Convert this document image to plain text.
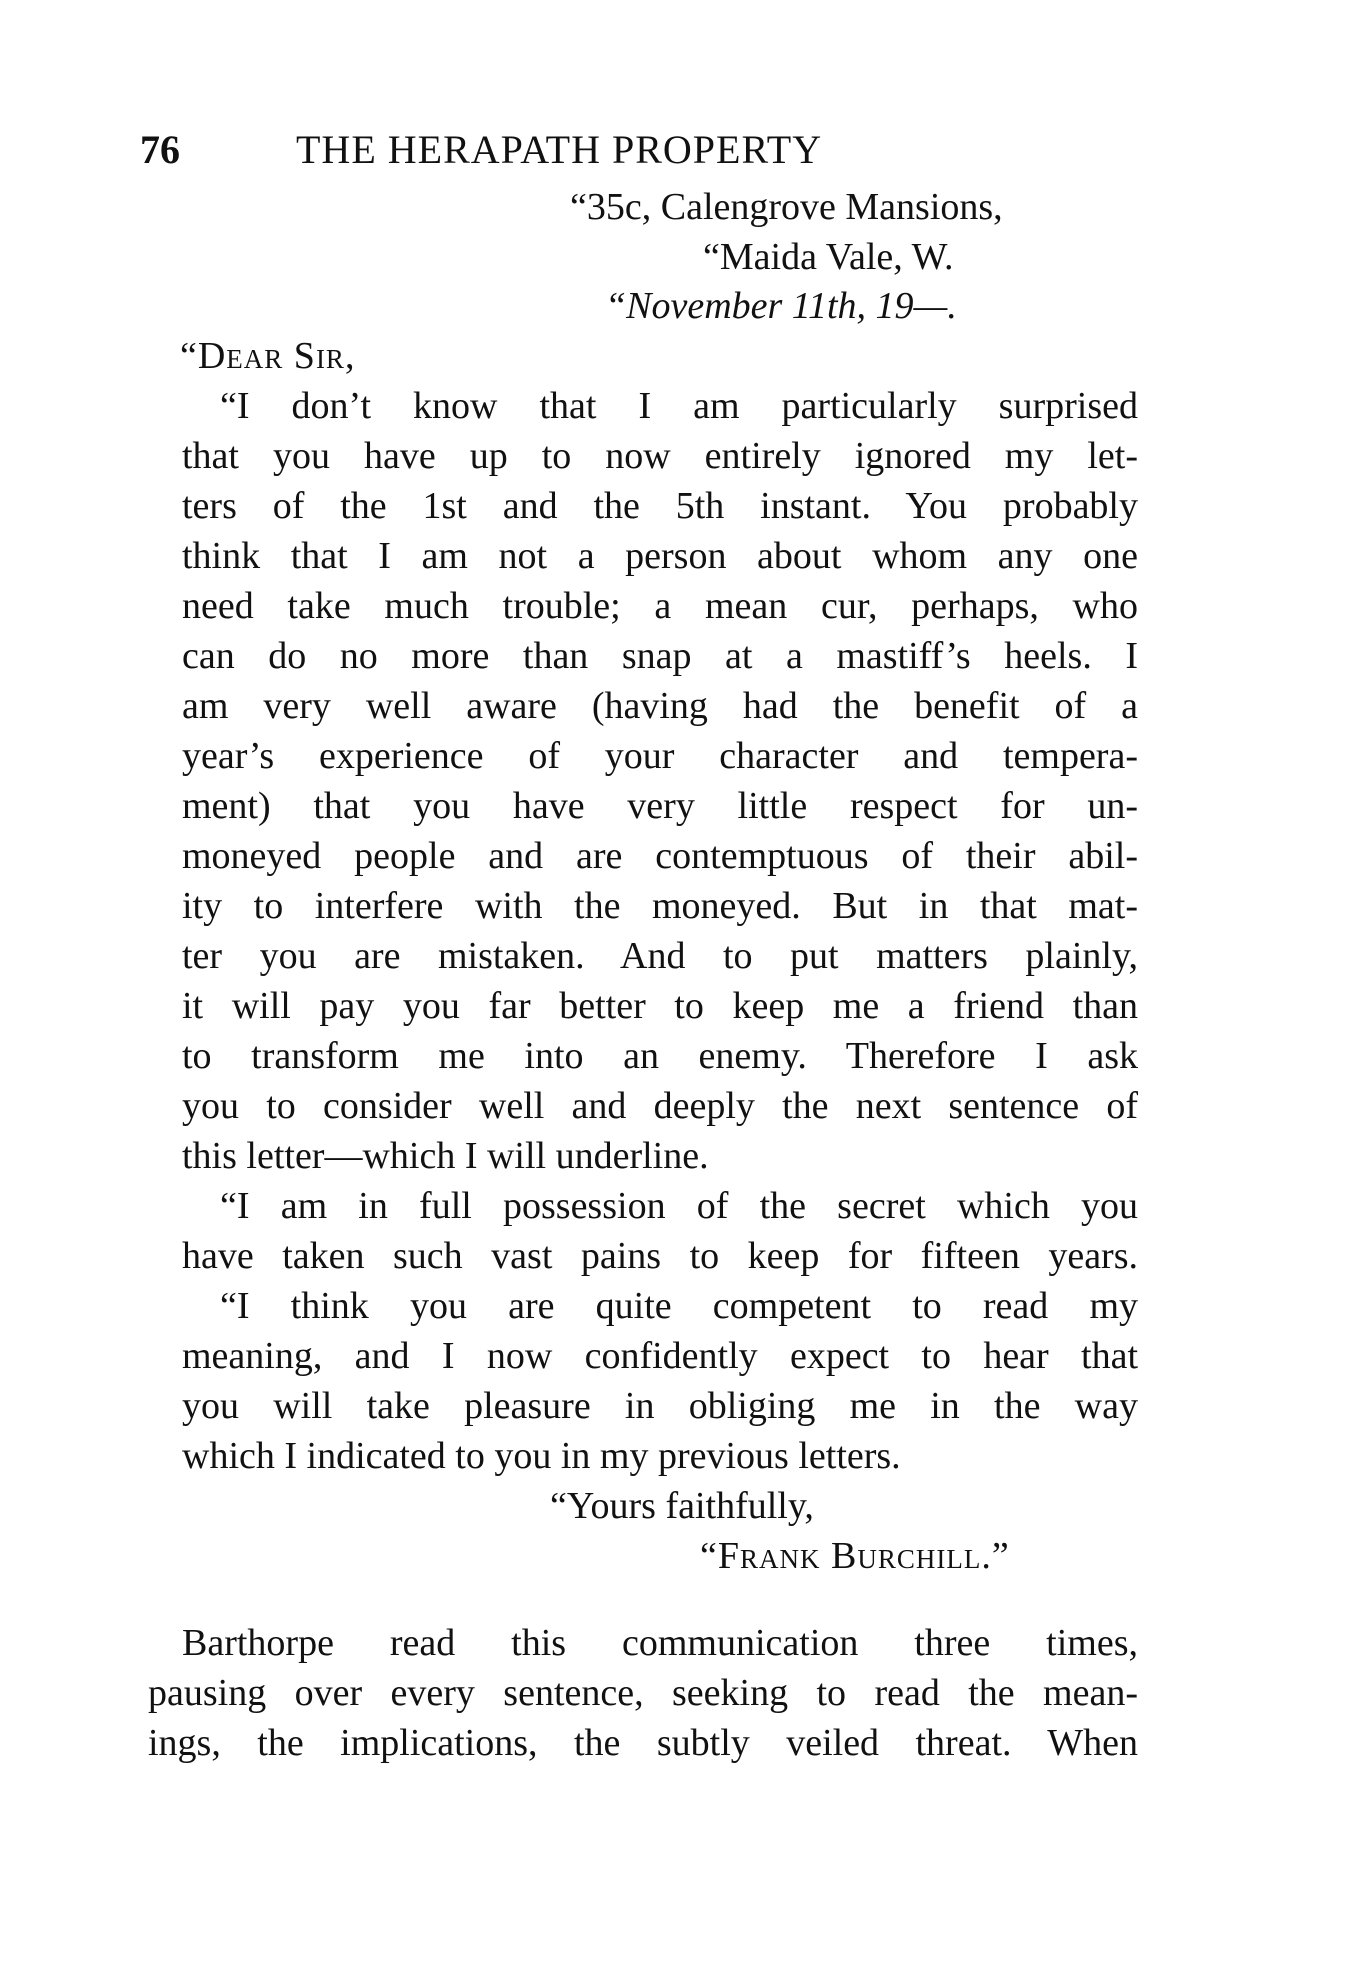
76	THE HERAPATH PROPERTY
“35c, Calengrove Mansions,
“Maida Vale, W.
“November 11th, 19—.
“Dear Sir,
“I don’t know that I am particularly surprised
that you have up to now entirely ignored my let-
ters of the 1st and the 5th instant. You probably
think that I am not a person about whom any one
need take much trouble; a mean cur, perhaps, who
can do no more than snap at a mastiff’s heels. I
am very well aware (having had the benefit of a
year’s experience of your character and tempera-
ment) that you have very little respect for un-
moneyed people and are contemptuous of their abil-
ity to interfere with the moneyed. But in that mat-
ter you are mistaken. And to put matters plainly,
it will pay you far better to keep me a friend than
to transform me into an enemy. Therefore I ask
you to consider well and deeply the next sentence of
this letter—which I will underline.
“I am in full possession of the secret which you
have taken such vast pains to keep for fifteen years.
“I think you are quite competent to read my
meaning, and I now confidently expect to hear that
you will take pleasure in obliging me in the way
which I indicated to you in my previous letters.
“Yours faithfully,
“Frank Burchill.”
Barthorpe read this communication three times,
pausing over every sentence, seeking to read the mean-
ings, the implications, the subtly veiled threat. When
